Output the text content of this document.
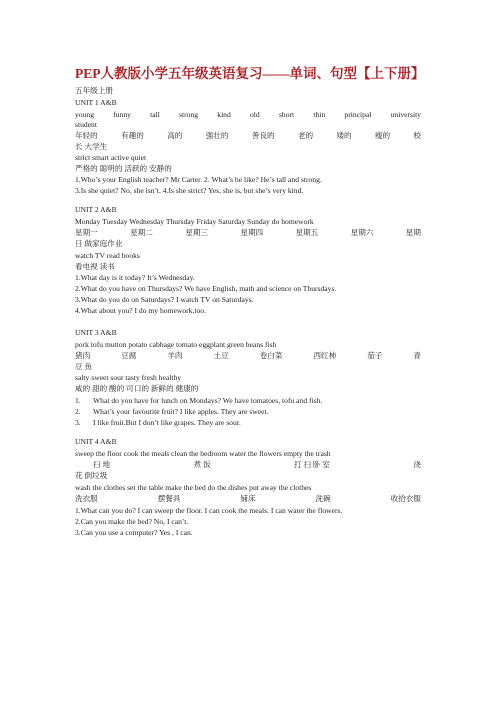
PEP人教版小学五年级英语复习——单词、句型【上下册】
五年级上册
UNIT 1 A&B
young	funny	tall	strong	kind	old	short	thin	principal	university
student
年轻的	有趣的	高的	强壮的	善良的	老的	矮的	瘦的	校
长 大学生
strict smart active quiet
严格的 聪明的 活跃的 安静的
1.Who’s your English teacher? Mr Carter. 2. What’s he like? He’s tall and strong.
3.Is she quiet? No, she isn’t. 4.Is she strict? Yes, she is, but she’s very kind.
UNIT 2 A&B
Monday Tuesday Wednesday Thursday Friday Saturday Sunday do homework
星期一	星期二	星期三	星期四	星期五	星期六	星期
日 做家庭作业
watch TV read books
看电视 读书
1.What day is it today? It’s Wednesday.
2.What do you have on Thursdays? We have English, math and science on Thursdays.
3.What do you do on Saturdays? I watch TV on Saturdays.
4.What about you? I do my homework,too.
UNIT 3 A&B
pork tofu mutton potato cabbage tomato eggplant green beans fish
猪肉	豆腐	羊肉	土豆	卷白菜	西红柿	茄子	青
豆 鱼
salty sweet sour tasty fresh healthy
咸的 甜的 酸的 可口的 新鲜的 健康的
1. What do you have for lunch on Mondays? We have tomatoes, tofu and fish.
2. What’s your favourite fruit? I like apples. They are sweet.
3. I like fruit.But I don’t like grapes. They are sour.
UNIT 4 A&B
sweep the floor cook the meals clean the bedroom water the flowers empty the trash
扫 地	煮 饭	打 扫 卧 室	浇
花 倒垃圾
wash the clothes set the table make the bed do the dishes put away the clothes
洗衣服	摆餐具	铺床	洗碗	收拾衣服
1.What can you do? I can sweep the floor. I can cook the meals. I can water the flowers.
2.Can you make the bed? No, I can’t.
3.Can you use a computer? Yes , I can.
